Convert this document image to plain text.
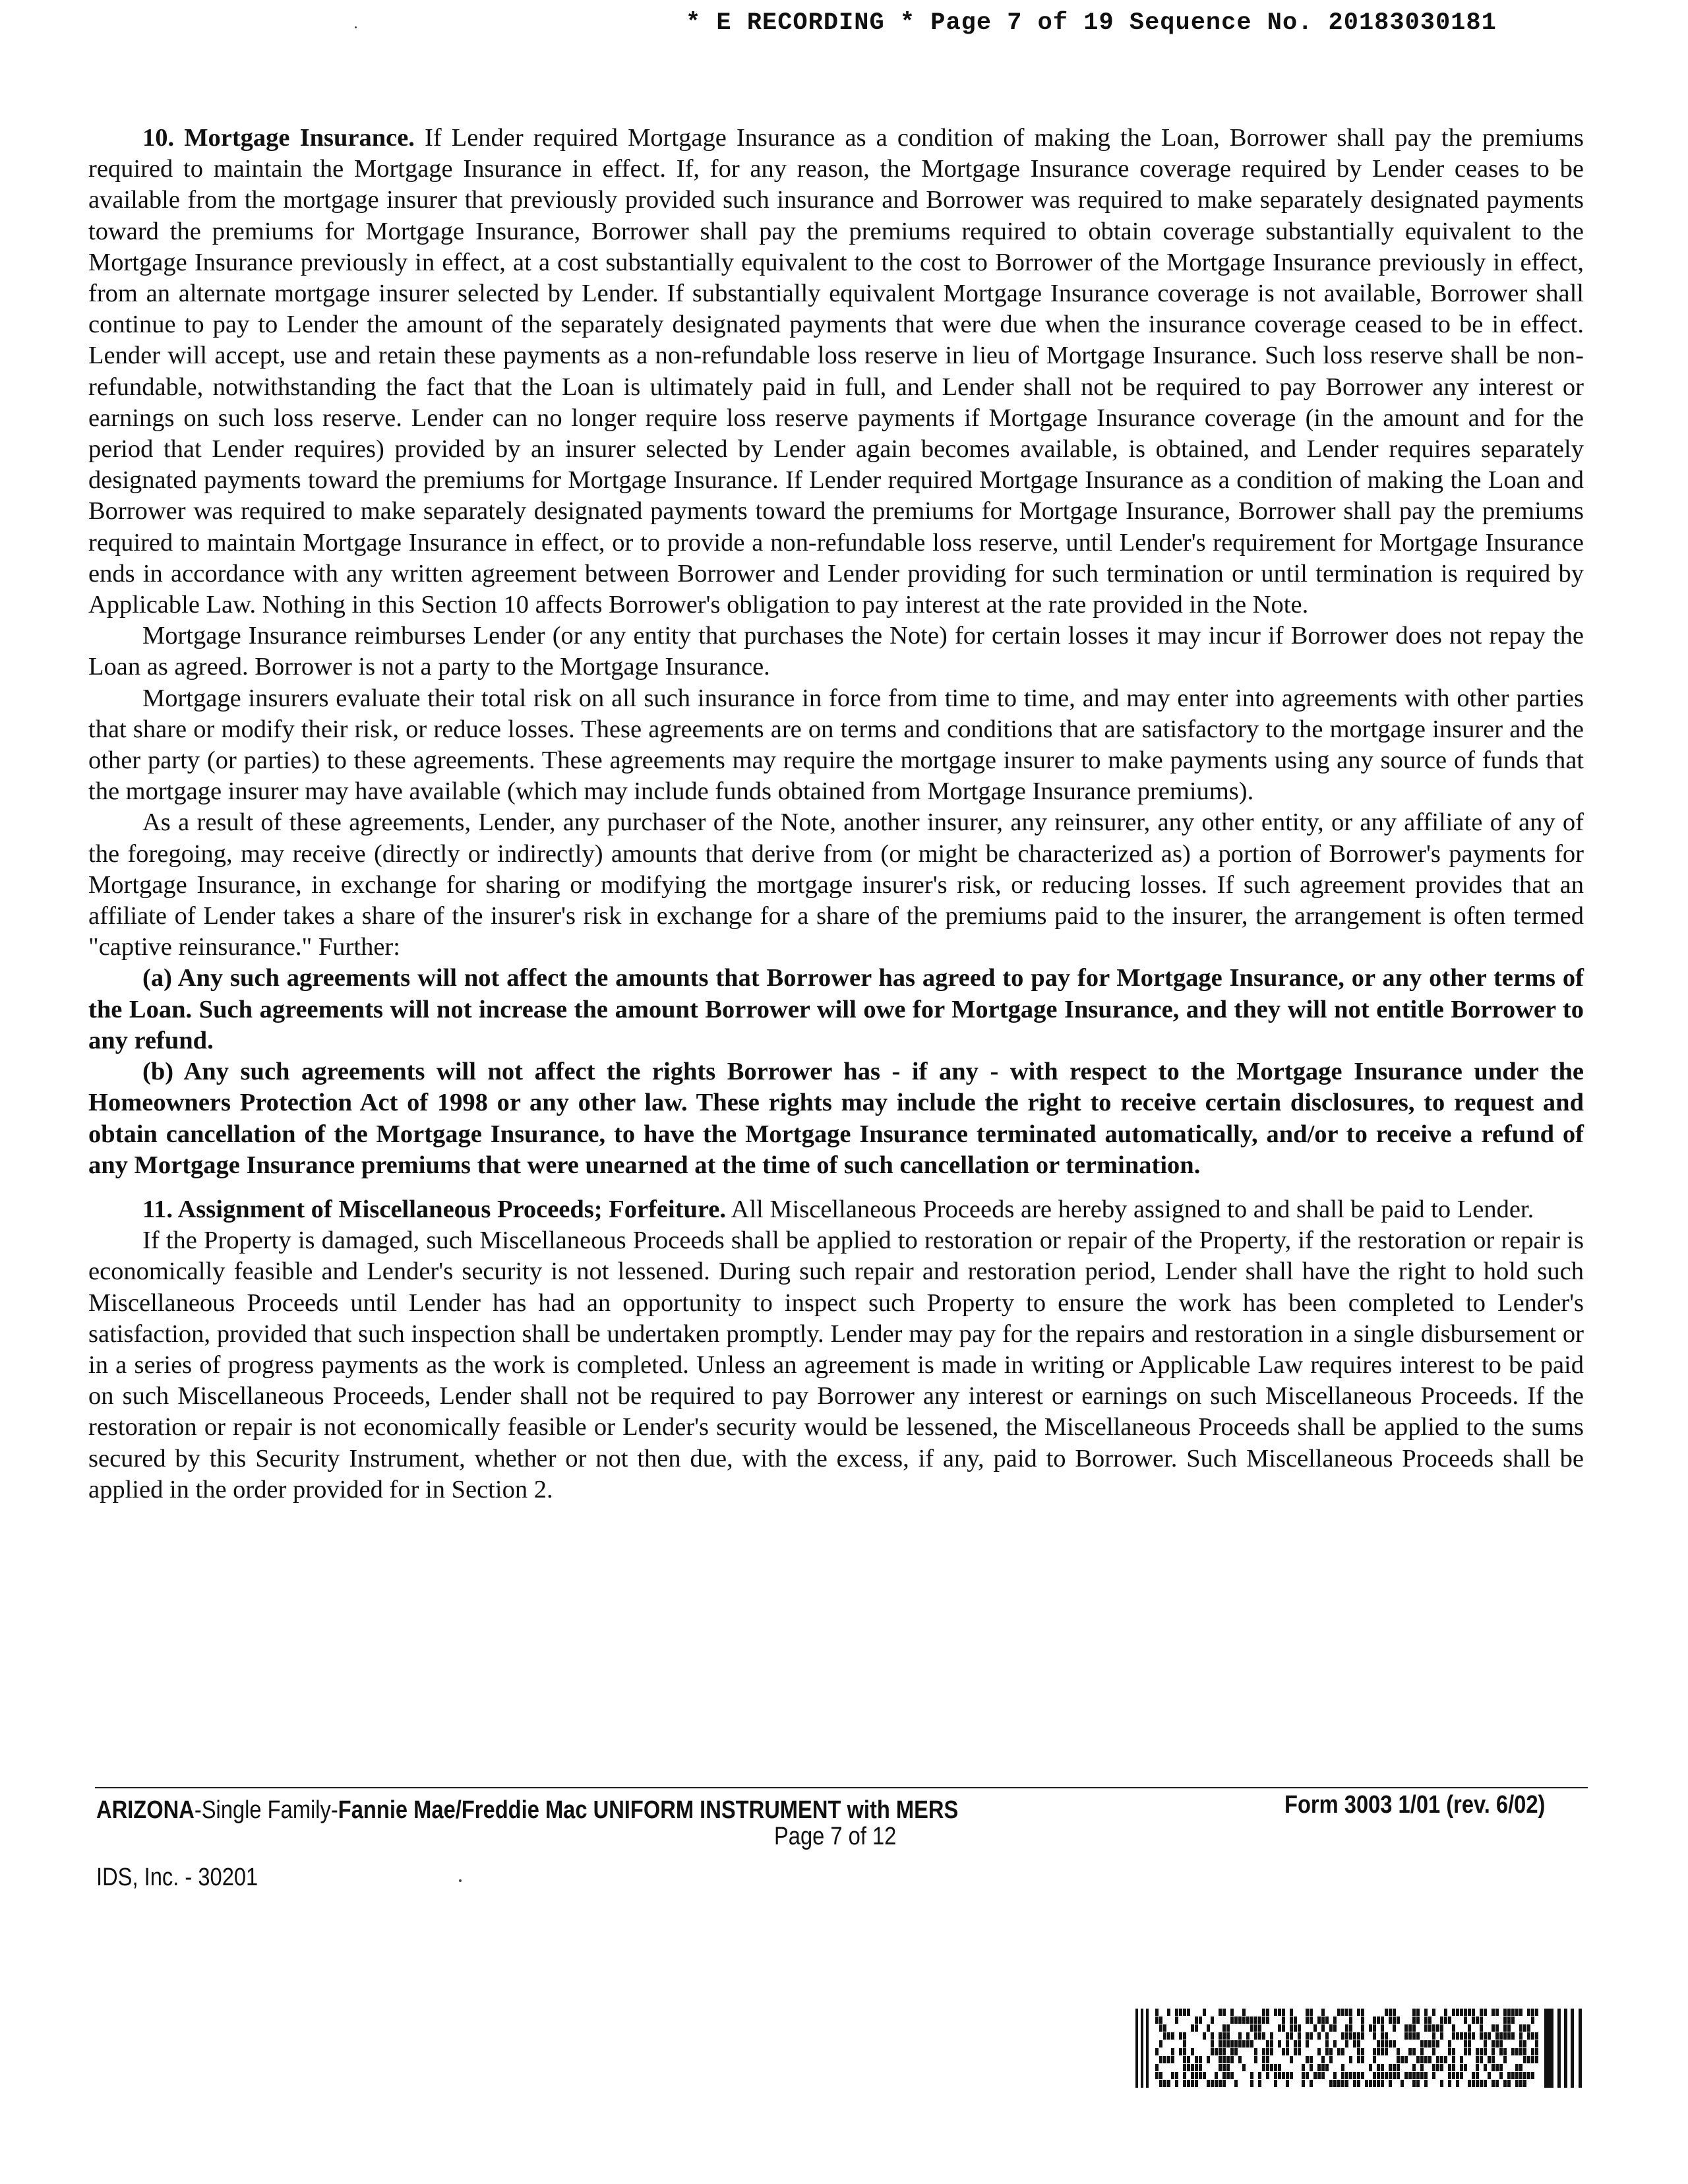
* E RECORDING * Page 7 of 19 Sequence No. 20183030181

10. Mortgage Insurance. If Lender required Mortgage Insurance as a condition of making the Loan, Borrower shall pay the premiums required to maintain the Mortgage Insurance in effect. If, for any reason, the Mortgage Insurance coverage required by Lender ceases to be available from the mortgage insurer that previously provided such insurance and Borrower was required to make separately designated payments toward the premiums for Mortgage Insurance, Borrower shall pay the premiums required to obtain coverage substantially equivalent to the Mortgage Insurance previously in effect, at a cost substantially equivalent to the cost to Borrower of the Mortgage Insurance previously in effect, from an alternate mortgage insurer selected by Lender. If substantially equivalent Mortgage Insurance coverage is not available, Borrower shall continue to pay to Lender the amount of the separately designated payments that were due when the insurance coverage ceased to be in effect. Lender will accept, use and retain these payments as a non-refundable loss reserve in lieu of Mortgage Insurance. Such loss reserve shall be non-refundable, notwithstanding the fact that the Loan is ultimately paid in full, and Lender shall not be required to pay Borrower any interest or earnings on such loss reserve. Lender can no longer require loss reserve payments if Mortgage Insurance coverage (in the amount and for the period that Lender requires) provided by an insurer selected by Lender again becomes available, is obtained, and Lender requires separately designated payments toward the premiums for Mortgage Insurance. If Lender required Mortgage Insurance as a condition of making the Loan and Borrower was required to make separately designated payments toward the premiums for Mortgage Insurance, Borrower shall pay the premiums required to maintain Mortgage Insurance in effect, or to provide a non-refundable loss reserve, until Lender's requirement for Mortgage Insurance ends in accordance with any written agreement between Borrower and Lender providing for such termination or until termination is required by Applicable Law. Nothing in this Section 10 affects Borrower's obligation to pay interest at the rate provided in the Note.

Mortgage Insurance reimburses Lender (or any entity that purchases the Note) for certain losses it may incur if Borrower does not repay the Loan as agreed. Borrower is not a party to the Mortgage Insurance.

Mortgage insurers evaluate their total risk on all such insurance in force from time to time, and may enter into agreements with other parties that share or modify their risk, or reduce losses. These agreements are on terms and conditions that are satisfactory to the mortgage insurer and the other party (or parties) to these agreements. These agreements may require the mortgage insurer to make payments using any source of funds that the mortgage insurer may have available (which may include funds obtained from Mortgage Insurance premiums).

As a result of these agreements, Lender, any purchaser of the Note, another insurer, any reinsurer, any other entity, or any affiliate of any of the foregoing, may receive (directly or indirectly) amounts that derive from (or might be characterized as) a portion of Borrower's payments for Mortgage Insurance, in exchange for sharing or modifying the mortgage insurer's risk, or reducing losses. If such agreement provides that an affiliate of Lender takes a share of the insurer's risk in exchange for a share of the premiums paid to the insurer, the arrangement is often termed "captive reinsurance." Further:

(a) Any such agreements will not affect the amounts that Borrower has agreed to pay for Mortgage Insurance, or any other terms of the Loan. Such agreements will not increase the amount Borrower will owe for Mortgage Insurance, and they will not entitle Borrower to any refund.

(b) Any such agreements will not affect the rights Borrower has - if any - with respect to the Mortgage Insurance under the Homeowners Protection Act of 1998 or any other law. These rights may include the right to receive certain disclosures, to request and obtain cancellation of the Mortgage Insurance, to have the Mortgage Insurance terminated automatically, and/or to receive a refund of any Mortgage Insurance premiums that were unearned at the time of such cancellation or termination.

11. Assignment of Miscellaneous Proceeds; Forfeiture. All Miscellaneous Proceeds are hereby assigned to and shall be paid to Lender.

If the Property is damaged, such Miscellaneous Proceeds shall be applied to restoration or repair of the Property, if the restoration or repair is economically feasible and Lender's security is not lessened. During such repair and restoration period, Lender shall have the right to hold such Miscellaneous Proceeds until Lender has had an opportunity to inspect such Property to ensure the work has been completed to Lender's satisfaction, provided that such inspection shall be undertaken promptly. Lender may pay for the repairs and restoration in a single disbursement or in a series of progress payments as the work is completed. Unless an agreement is made in writing or Applicable Law requires interest to be paid on such Miscellaneous Proceeds, Lender shall not be required to pay Borrower any interest or earnings on such Miscellaneous Proceeds. If the restoration or repair is not economically feasible or Lender's security would be lessened, the Miscellaneous Proceeds shall be applied to the sums secured by this Security Instrument, whether or not then due, with the excess, if any, paid to Borrower. Such Miscellaneous Proceeds shall be applied in the order provided for in Section 2.

ARIZONA-Single Family-Fannie Mae/Freddie Mac UNIFORM INSTRUMENT with MERS	Form 3003 1/01 (rev. 6/02)
Page 7 of 12
IDS, Inc. - 30201
